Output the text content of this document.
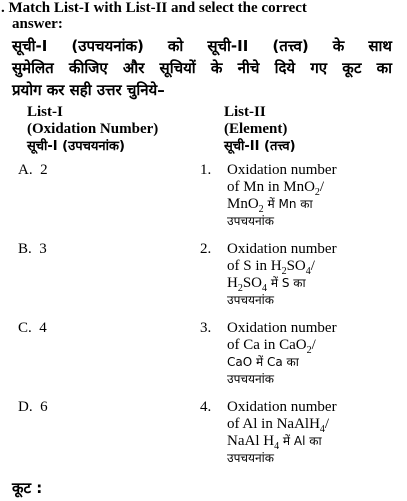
. Match List-I with List-II and select the correct
answer:
सूची-I (उपचयनांक) को सूची-II (तत्त्व) के साथ
सुमेलित कीजिए और सूचियों के नीचे दिये गए कूट का
प्रयोग कर सही उत्तर चुनिये–
List-I
(Oxidation Number)
सूची-I (उपचयनांक)
List-II
(Element)
सूची-II (तत्त्व)
A. 2	1. Oxidation number
of Mn in MnO$_2$/
MnO$_2$ में Mn का
उपचयनांक
B. 3	2. Oxidation number
of S in $H_2SO_4/$
$H_2SO_4$ में S का
उपचयनांक
C. 4	3. Oxidation number
of Ca in CaO$_2$/
CaO में Ca का
उपचयनांक
D. 6	4. Oxidation number
of Al in NaAlH$_4$/
NaAl $H_4$ में Al का
उपचयनांक
कूट :
